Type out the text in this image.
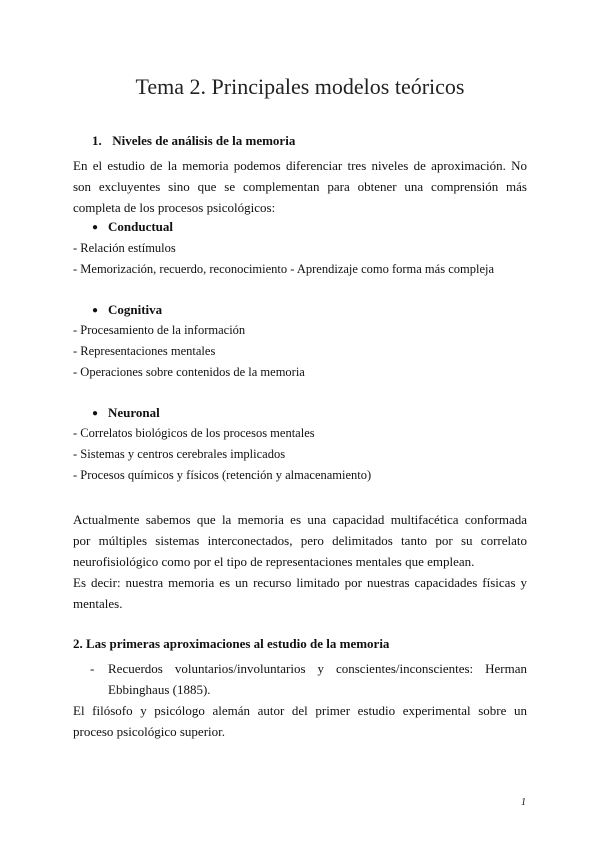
Tema 2. Principales modelos teóricos
1. Niveles de análisis de la memoria
En el estudio de la memoria podemos diferenciar tres niveles de aproximación. No
son excluyentes sino que se complementan para obtener una comprensión más
completa de los procesos psicológicos:
● Conductual
- Relación estímulos
- Memorización, recuerdo, reconocimiento - Aprendizaje como forma más compleja
● Cognitiva
- Procesamiento de la información
- Representaciones mentales
- Operaciones sobre contenidos de la memoria
● Neuronal
- Correlatos biológicos de los procesos mentales
- Sistemas y centros cerebrales implicados
- Procesos químicos y físicos (retención y almacenamiento)
Actualmente sabemos que la memoria es una capacidad multifacética conformada
por múltiples sistemas interconectados, pero delimitados tanto por su correlato
neurofisiológico como por el tipo de representaciones mentales que emplean.
Es decir: nuestra memoria es un recurso limitado por nuestras capacidades físicas y
mentales.
2. Las primeras aproximaciones al estudio de la memoria
- Recuerdos voluntarios/involuntarios y conscientes/inconscientes: Herman
Ebbinghaus (1885).
El filósofo y psicólogo alemán autor del primer estudio experimental sobre un
proceso psicológico superior.
1
